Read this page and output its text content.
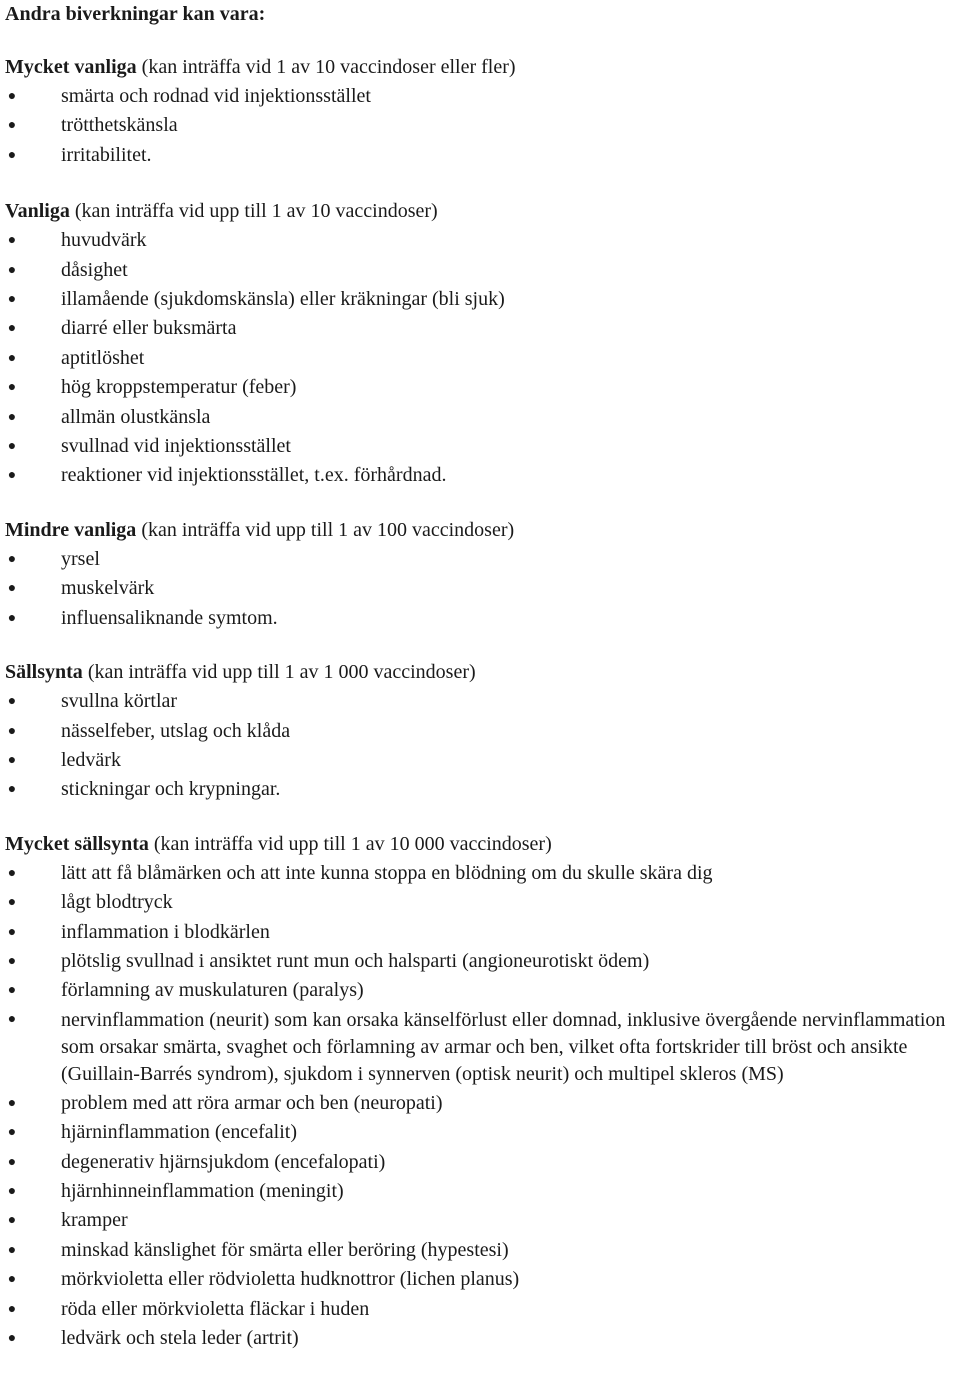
Andra biverkningar kan vara:
Mycket vanliga (kan inträffa vid 1 av 10 vaccindoser eller fler)
● smärta och rodnad vid injektionsstället
● trötthetskänsla
● irritabilitet.
Vanliga (kan inträffa vid upp till 1 av 10 vaccindoser)
● huvudvärk
● dåsighet
● illamående (sjukdomskänsla) eller kräkningar (bli sjuk)
● diarré eller buksmärta
● aptitlöshet
● hög kroppstemperatur (feber)
● allmän olustkänsla
● svullnad vid injektionsstället
● reaktioner vid injektionsstället, t.ex. förhårdnad.
Mindre vanliga (kan inträffa vid upp till 1 av 100 vaccindoser)
● yrsel
● muskelvärk
● influensaliknande symtom.
Sällsynta (kan inträffa vid upp till 1 av 1 000 vaccindoser)
● svullna körtlar
● nässelfeber, utslag och klåda
● ledvärk
● stickningar och krypningar.
Mycket sällsynta (kan inträffa vid upp till 1 av 10 000 vaccindoser)
● lätt att få blåmärken och att inte kunna stoppa en blödning om du skulle skära dig
● lågt blodtryck
● inflammation i blodkärlen
● plötslig svullnad i ansiktet runt mun och halsparti (angioneurotiskt ödem)
● förlamning av muskulaturen (paralys)
● nervinflammation (neurit) som kan orsaka känselförlust eller domnad, inklusive övergående nervinflammation som orsakar smärta, svaghet och förlamning av armar och ben, vilket ofta fortskrider till bröst och ansikte (Guillain-Barrés syndrom), sjukdom i synnerven (optisk neurit) och multipel skleros (MS)
● problem med att röra armar och ben (neuropati)
● hjärninflammation (encefalit)
● degenerativ hjärnsjukdom (encefalopati)
● hjärnhinneinflammation (meningit)
● kramper
● minskad känslighet för smärta eller beröring (hypestesi)
● mörkvioletta eller rödvioletta hudknottror (lichen planus)
● röda eller mörkvioletta fläckar i huden
● ledvärk och stela leder (artrit)
